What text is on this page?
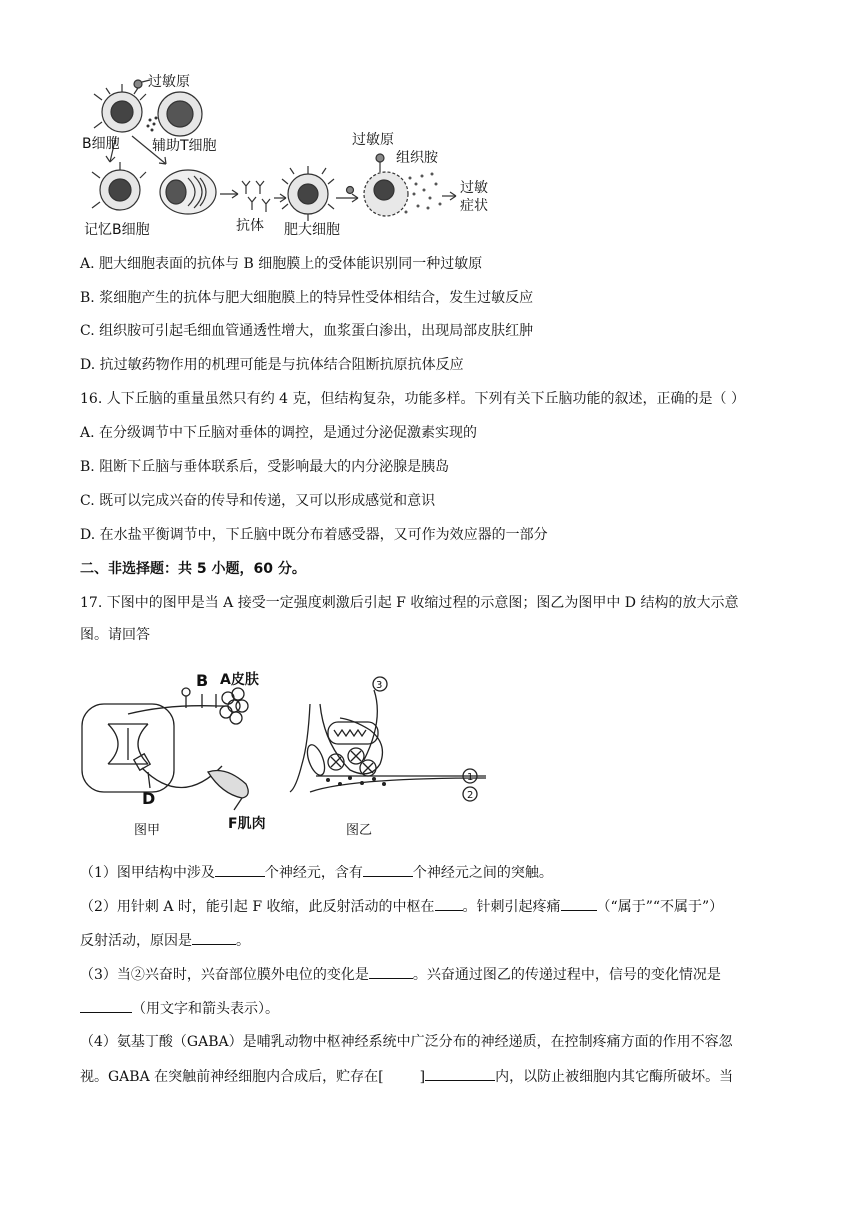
过敏原
B细胞 辅助T细胞
记忆B细胞	抗体 肥大细胞
过敏原
组织胺
过敏症状
A. 肥大细胞表面的抗体与 B 细胞膜上的受体能识别同一种过敏原
B. 浆细胞产生的抗体与肥大细胞膜上的特异性受体相结合，发生过敏反应
C. 组织胺可引起毛细血管通透性增大，血浆蛋白渗出，出现局部皮肤红肿
D. 抗过敏药物作用的机理可能是与抗体结合阻断抗原抗体反应
16. 人下丘脑的重量虽然只有约 4 克，但结构复杂，功能多样。下列有关下丘脑功能的叙述，正确的是（ ）
A. 在分级调节中下丘脑对垂体的调控，是通过分泌促激素实现的
B. 阻断下丘脑与垂体联系后，受影响最大的内分泌腺是胰岛
C. 既可以完成兴奋的传导和传递，又可以形成感觉和意识
D. 在水盐平衡调节中，下丘脑中既分布着感受器，又可作为效应器的一部分
二、非选择题：共 5 小题，60 分。
17. 下图中的图甲是当 A 接受一定强度刺激后引起 F 收缩过程的示意图；图乙为图甲中 D 结构的放大示意
图。请回答
B A皮肤
D
F肌肉
图甲	图乙
3
1
2
（1）图甲结构中涉及	个神经元，含有	个神经元之间的突触。
（2）用针刺 A 时，能引起 F 收缩，此反射活动的中枢在 。针刺引起疼痛	（“属于”“不属于”）
反射活动，原因是	。
（3）当②兴奋时，兴奋部位膜外电位的变化是	。兴奋通过图乙的传递过程中，信号的变化情况是
（用文字和箭头表示）。
（4）氨基丁酸（GABA）是哺乳动物中枢神经系统中广泛分布的神经递质，在控制疼痛方面的作用不容忽
视。GABA 在突触前神经细胞内合成后，贮存在[	]	内，以防止被细胞内其它酶所破坏。当
